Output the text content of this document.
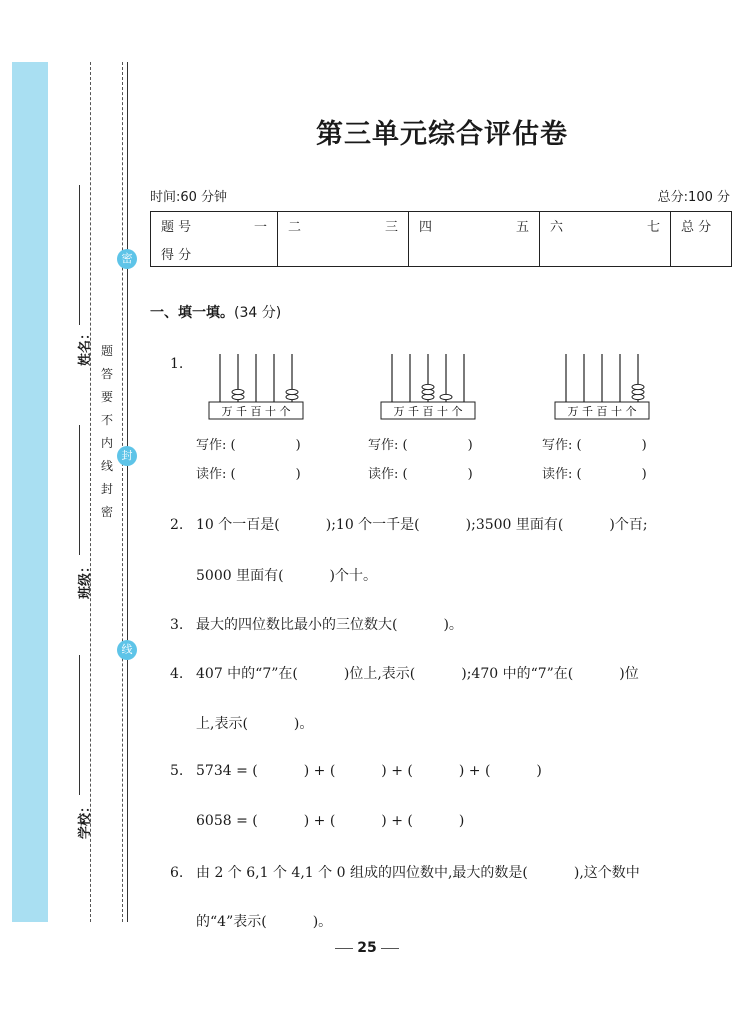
密
封
线
姓名：
班级：
学校：
题
答
要
不
内
线
封
密
第三单元综合评估卷
时间:60 分钟	总分:100 分
题 号	一	二	三	四	五	六	七	总 分
得 分
一、填一填。(34 分)
1.
万 千 百 十 个	万 千 百 十 个	万 千 百 十 个
写作: (	)	写作: (	)	写作: (	)
读作: (	)	读作: (	)	读作: (	)
2. 10 个一百是(	);10 个一千是(	);3500 里面有(	)个百;
5000 里面有(	)个十。
3. 最大的四位数比最小的三位数大(	)。
4. 407 中的“7”在(	)位上,表示(	);470 中的“7”在(	)位
上,表示(	)。
5. 5734 = (	) + (	) + (	) + (	)
6058 = (	) + (	) + (	)
6. 由 2 个 6,1 个 4,1 个 0 组成的四位数中,最大的数是(	),这个数中
的“4”表示(	)。
25
